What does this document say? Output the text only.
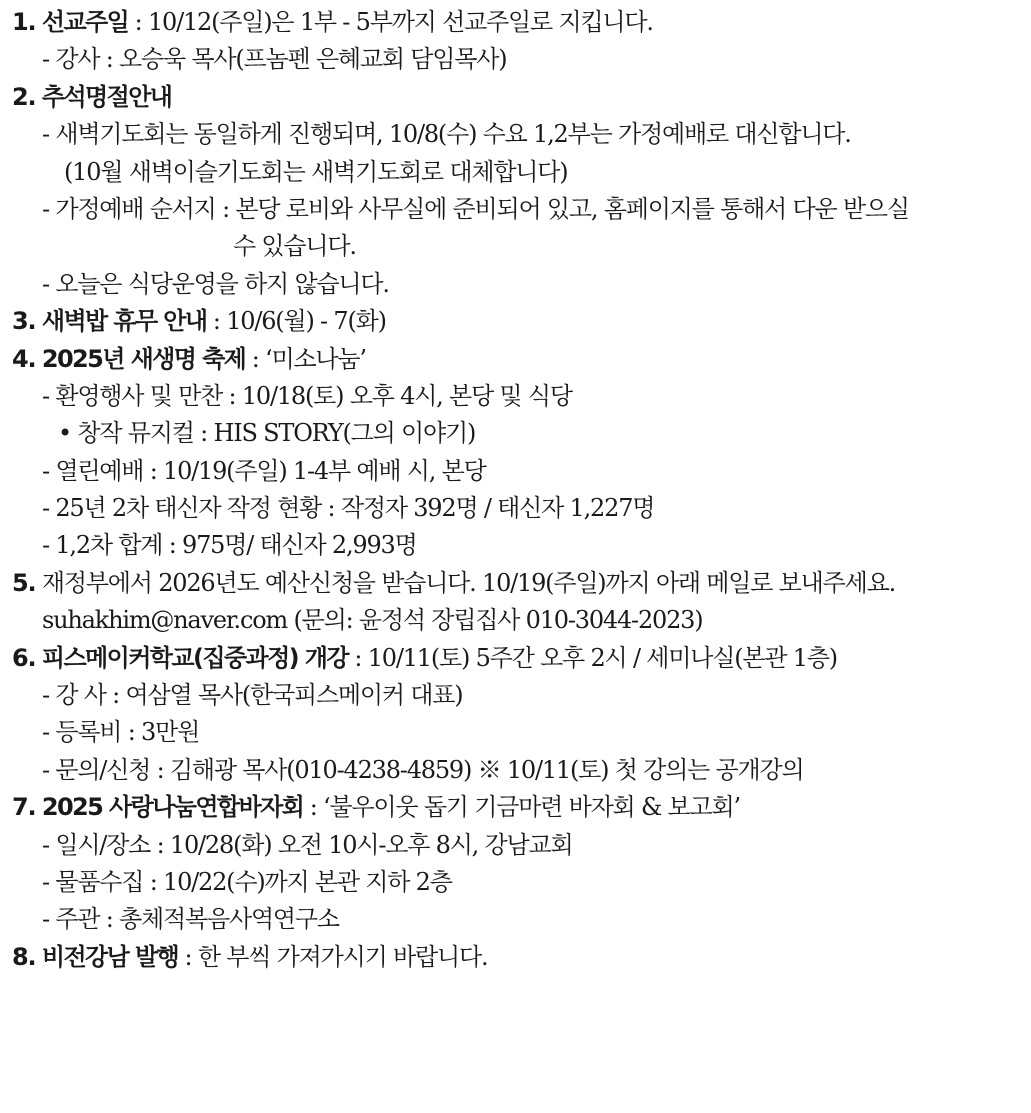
1. 선교주일 : 10/12(주일)은 1부 - 5부까지 선교주일로 지킵니다.
- 강사 : 오승욱 목사(프놈펜 은혜교회 담임목사)
2. 추석명절안내
- 새벽기도회는 동일하게 진행되며, 10/8(수) 수요 1,2부는 가정예배로 대신합니다.
(10월 새벽이슬기도회는 새벽기도회로 대체합니다)
- 가정예배 순서지 : 본당 로비와 사무실에 준비되어 있고, 홈페이지를 통해서 다운 받으실
수 있습니다.
- 오늘은 식당운영을 하지 않습니다.
3. 새벽밥 휴무 안내 : 10/6(월) - 7(화)
4. 2025년 새생명 축제 : ‘미소나눔’
- 환영행사 및 만찬 : 10/18(토) 오후 4시, 본당 및 식당
• 창작 뮤지컬 : HIS STORY(그의 이야기)
- 열린예배 : 10/19(주일) 1-4부 예배 시, 본당
- 25년 2차 태신자 작정 현황 : 작정자 392명 / 태신자 1,227명
- 1,2차 합계 : 975명/ 태신자 2,993명
5. 재정부에서 2026년도 예산신청을 받습니다. 10/19(주일)까지 아래 메일로 보내주세요.
suhakhim@naver.com (문의: 윤정석 장립집사 010-3044-2023)
6. 피스메이커학교(집중과정) 개강 : 10/11(토) 5주간 오후 2시 / 세미나실(본관 1층)
- 강 사 : 여삼열 목사(한국피스메이커 대표)
- 등록비 : 3만원
- 문의/신청 : 김해광 목사(010-4238-4859) ※ 10/11(토) 첫 강의는 공개강의
7. 2025 사랑나눔연합바자회 : ‘불우이웃 돕기 기금마련 바자회 & 보고회’
- 일시/장소 : 10/28(화) 오전 10시-오후 8시, 강남교회
- 물품수집 : 10/22(수)까지 본관 지하 2층
- 주관 : 총체적복음사역연구소
8. 비전강남 발행 : 한 부씩 가져가시기 바랍니다.
